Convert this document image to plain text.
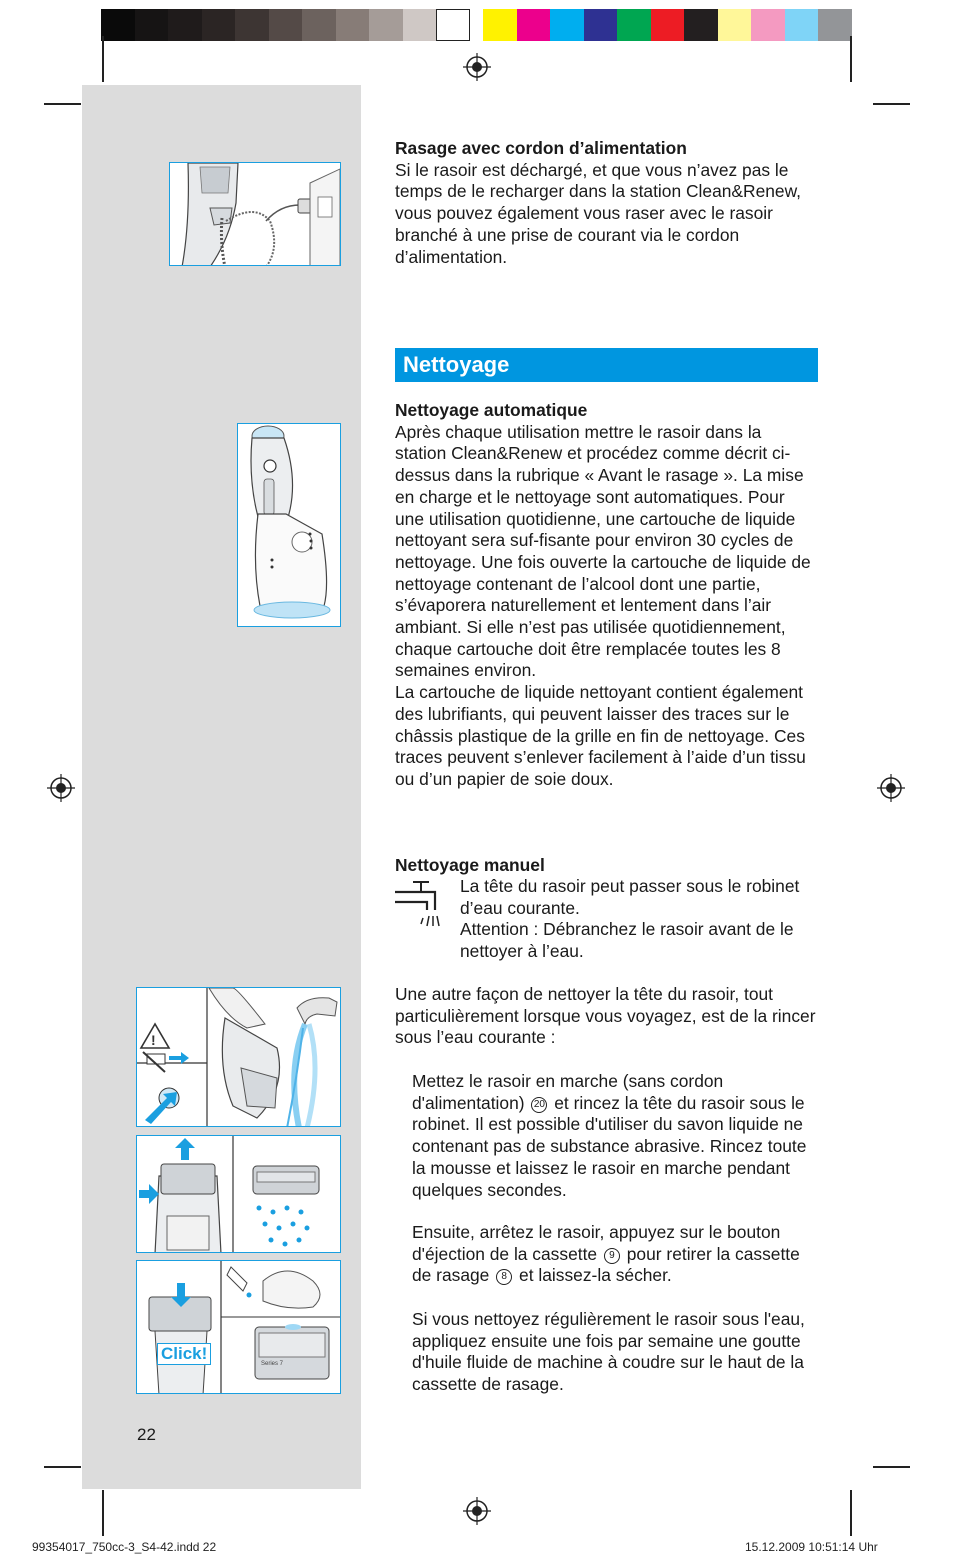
!
Click!
Series 7

Rasage avec cordon d’alimentation
Si le rasoir est déchargé, et que vous n’avez pas le temps de le recharger dans la station Clean&Renew, vous pouvez également vous raser avec le rasoir branché à une prise de courant via le cordon d’alimentation.

Nettoyage

Nettoyage automatique
Après chaque utilisation mettre le rasoir dans la station Clean&Renew et procédez comme décrit ci-dessus dans la rubrique « Avant le rasage ». La mise en charge et le nettoyage sont automatiques. Pour une utilisation quotidienne, une cartouche de liquide nettoyant sera suf-fisante pour environ 30 cycles de nettoyage. Une fois ouverte la cartouche de liquide de nettoyage contenant de l’alcool dont une partie, s’évaporera naturellement et lentement dans l’air ambiant. Si elle n’est pas utilisée quotidiennement, chaque cartouche doit être remplacée toutes les 8 semaines environ.
La cartouche de liquide nettoyant contient également des lubrifiants, qui peuvent laisser des traces sur le châssis plastique de la grille en fin de nettoyage. Ces traces peuvent s’enlever facilement à l’aide d’un tissu ou d’un papier de soie doux.

Nettoyage manuel
La tête du rasoir peut passer sous le robinet d’eau courante.
Attention : Débranchez le rasoir avant de le nettoyer à l’eau.
Une autre façon de nettoyer la tête du rasoir, tout particulièrement lorsque vous voyagez, est de la rincer sous l’eau courante :
Mettez le rasoir en marche (sans cordon d'alimentation) 20 et rincez la tête du rasoir sous le robinet. Il est possible d'utiliser du savon liquide ne contenant pas de substance abrasive. Rincez toute la mousse et laissez le rasoir en marche pendant quelques secondes.
Ensuite, arrêtez le rasoir, appuyez sur le bouton d'éjection de la cassette 9 pour retirer la cassette de rasage 8 et laissez-la sécher.
Si vous nettoyez régulièrement le rasoir sous l'eau, appliquez ensuite une fois par semaine une goutte d'huile fluide de machine à coudre sur le haut de la cassette de rasage.
22
99354017_750cc-3_S4-42.indd 22	15.12.2009 10:51:14 Uhr
